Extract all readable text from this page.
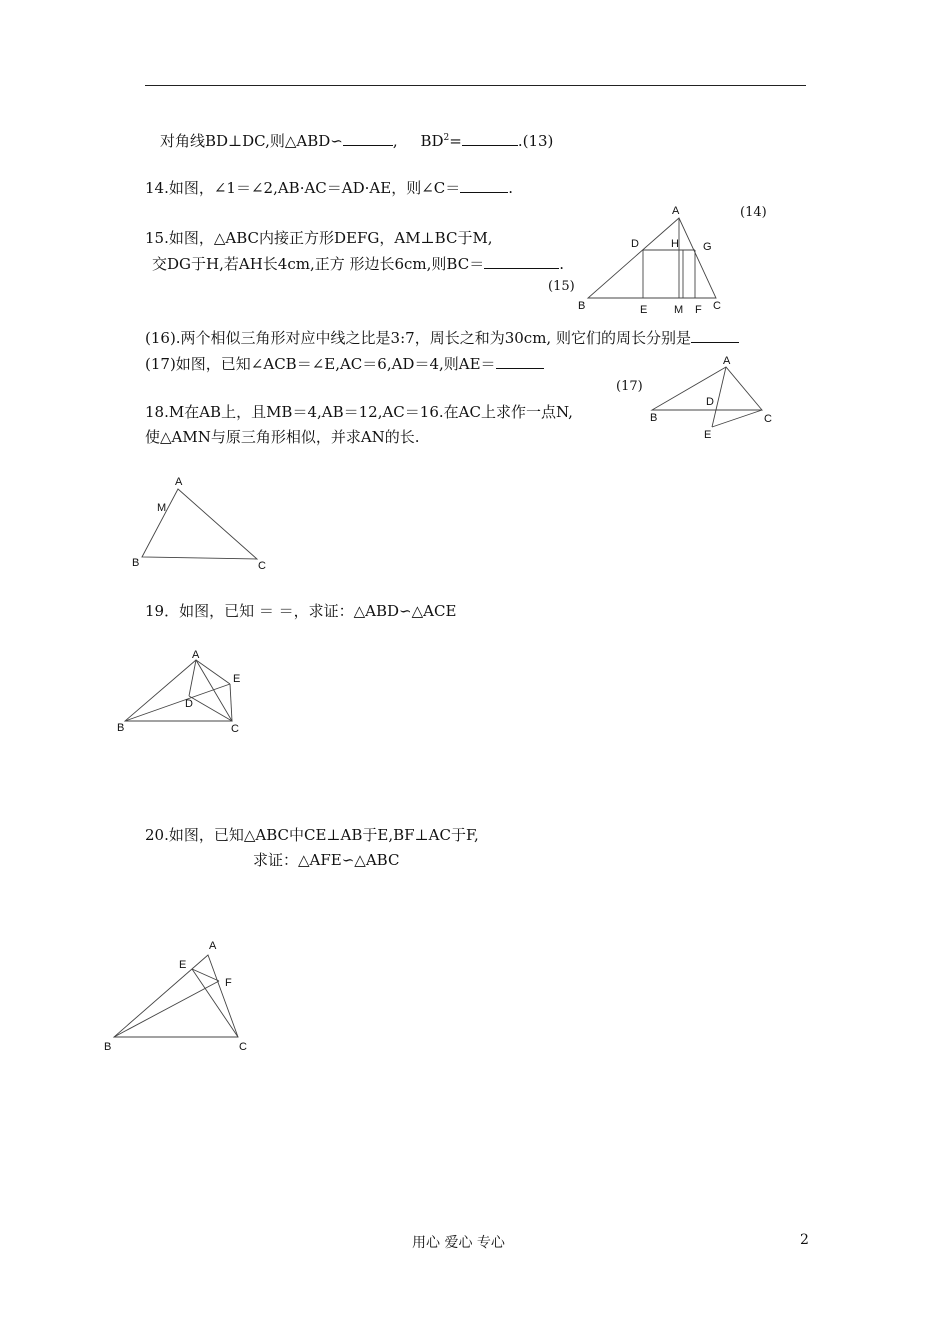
对角线BD⊥DC,则△ABD∽	, $BD^2=$	.(13)
14.如图，∠1＝∠2,AB·AC＝AD·AE，则∠C＝	.
15.如图，△ABC内接正方形DEFG，AM⊥BC于M,
交DG于H,若AH长4cm,正方 形边长6cm,则BC＝	.
(16).两个相似三角形对应中线之比是3:7，周长之和为30cm, 则它们的周长分别是
(17)如图，已知∠ACB＝∠E,AC＝6,AD＝4,则AE＝
18.M在AB上，且MB＝4,AB＝12,AC＝16.在AC上求作一点N,
使△AMN与原三角形相似，并求AN的长.
19．如图，已知 ＝ ＝，求证：△ABD∽△ACE
20.如图，已知△ABC中CE⊥AB于E,BF⊥AC于F,
求证：△AFE∽△ABC
A
B	C
D
E	F
G
H
M
(14)
(15)
A
B	C
D
E
(17)
A
B	C
M
A
B	C
D
E
A
B	C
E
F
用心 爱心 专心	2
